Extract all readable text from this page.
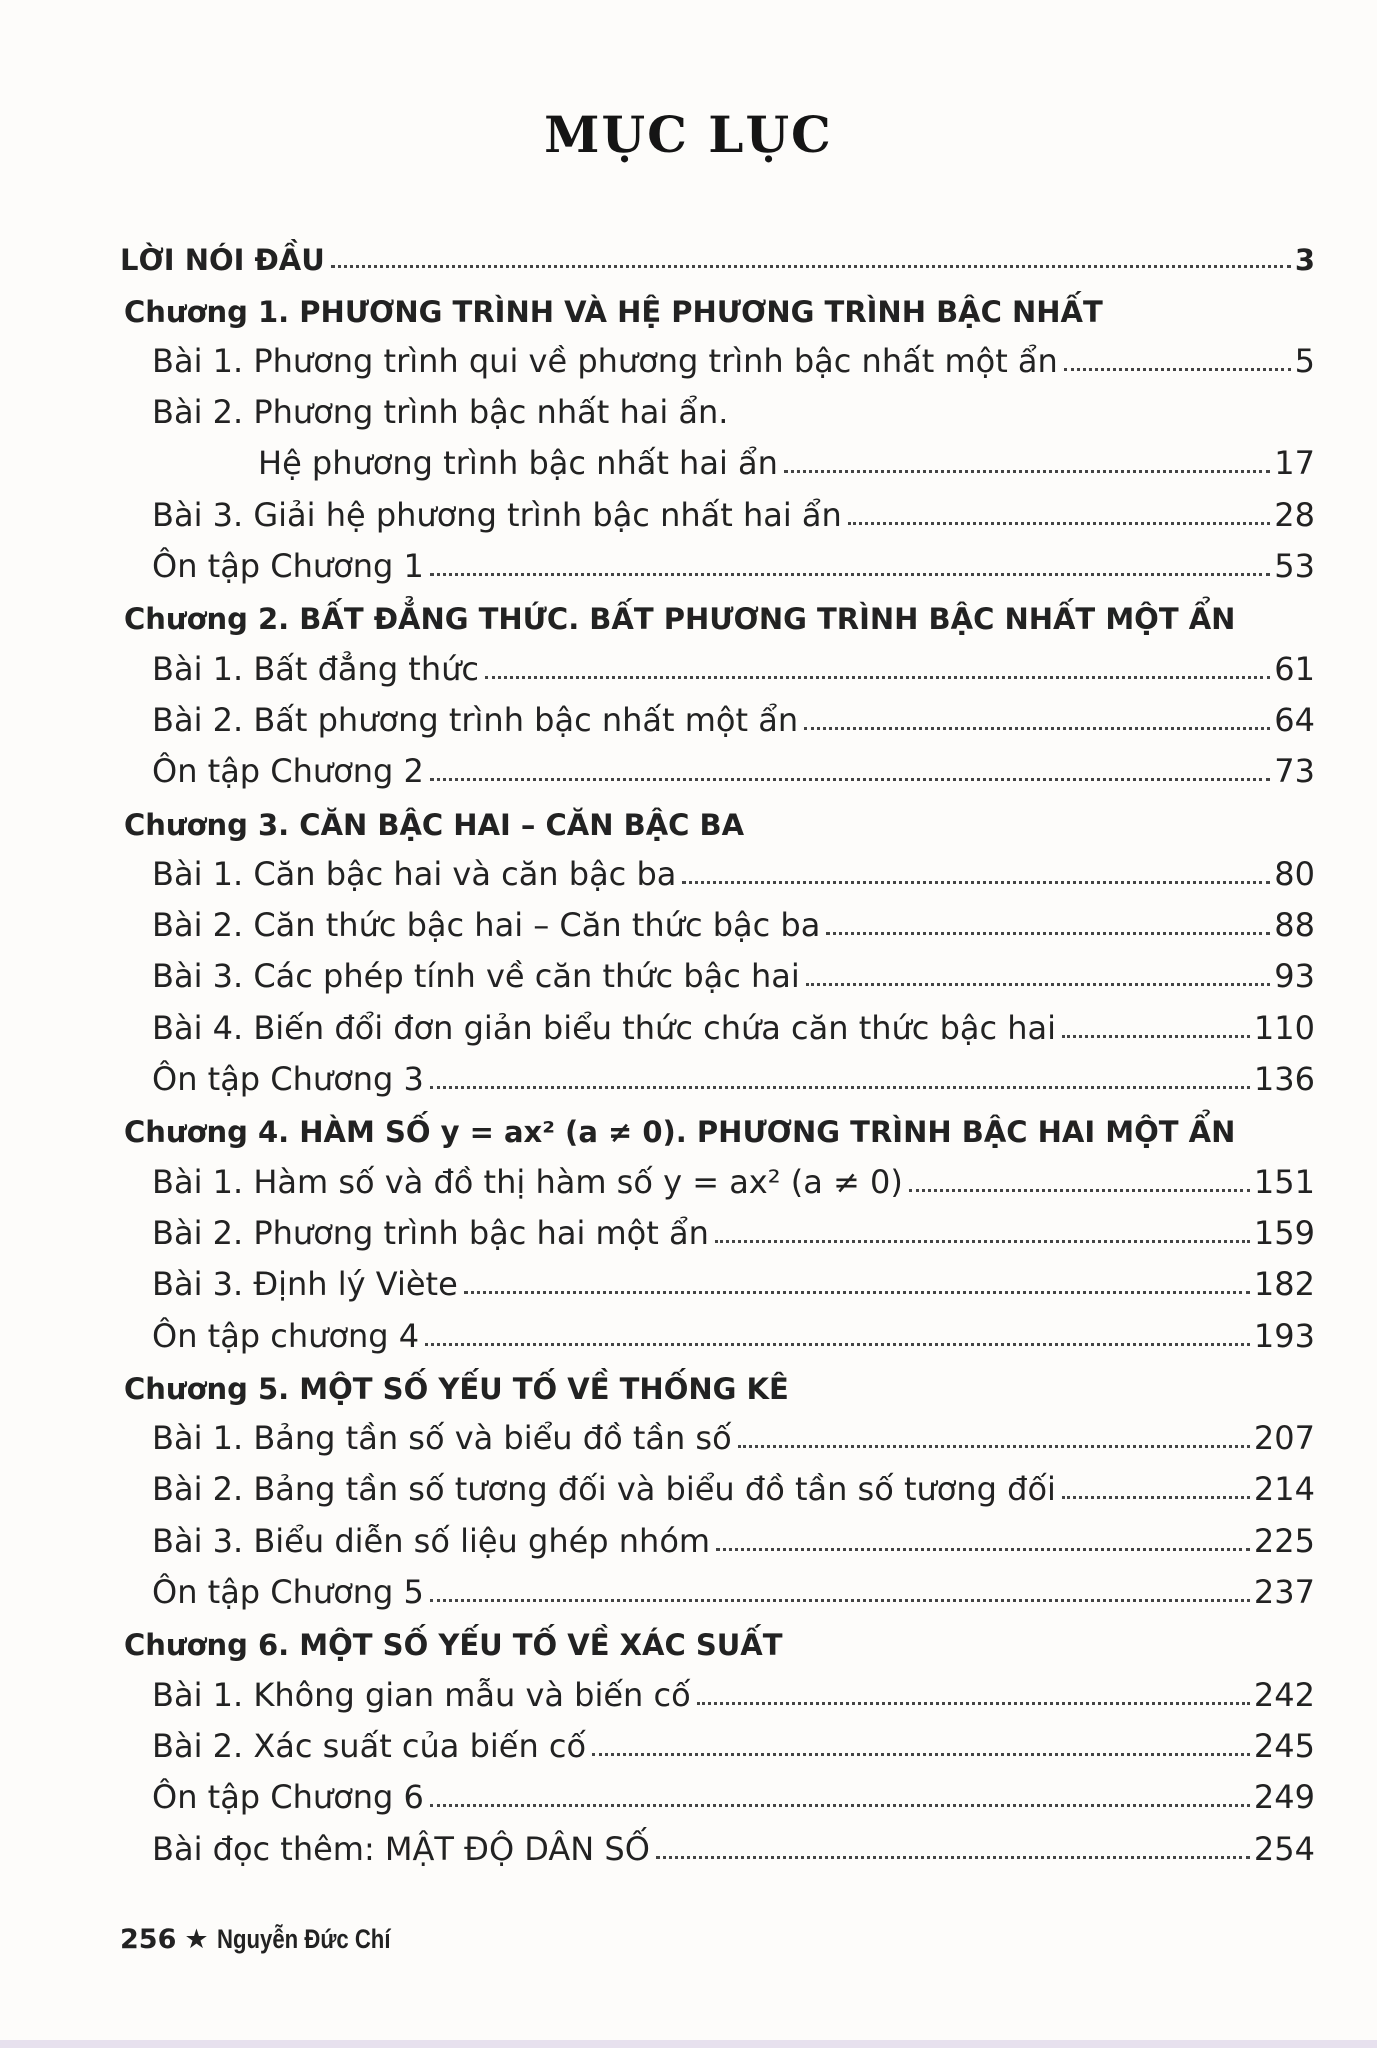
MỤC LỤC
LỜI NÓI ĐẦU	3
Chương 1. PHƯƠNG TRÌNH VÀ HỆ PHƯƠNG TRÌNH BẬC NHẤT
Bài 1. Phương trình qui về phương trình bậc nhất một ẩn	5
Bài 2. Phương trình bậc nhất hai ẩn.
Hệ phương trình bậc nhất hai ẩn	17
Bài 3. Giải hệ phương trình bậc nhất hai ẩn	28
Ôn tập Chương 1	53
Chương 2. BẤT ĐẲNG THỨC. BẤT PHƯƠNG TRÌNH BẬC NHẤT MỘT ẨN
Bài 1. Bất đẳng thức	61
Bài 2. Bất phương trình bậc nhất một ẩn	64
Ôn tập Chương 2	73
Chương 3. CĂN BẬC HAI – CĂN BẬC BA
Bài 1. Căn bậc hai và căn bậc ba	80
Bài 2. Căn thức bậc hai – Căn thức bậc ba	88
Bài 3. Các phép tính về căn thức bậc hai	93
Bài 4. Biến đổi đơn giản biểu thức chứa căn thức bậc hai	110
Ôn tập Chương 3	136
Chương 4. HÀM SỐ y = ax² (a ≠ 0). PHƯƠNG TRÌNH BẬC HAI MỘT ẨN
Bài 1. Hàm số và đồ thị hàm số y = ax² (a ≠ 0)	151
Bài 2. Phương trình bậc hai một ẩn	159
Bài 3. Định lý Viète	182
Ôn tập chương 4	193
Chương 5. MỘT SỐ YẾU TỐ VỀ THỐNG KÊ
Bài 1. Bảng tần số và biểu đồ tần số	207
Bài 2. Bảng tần số tương đối và biểu đồ tần số tương đối	214
Bài 3. Biểu diễn số liệu ghép nhóm	225
Ôn tập Chương 5	237
Chương 6. MỘT SỐ YẾU TỐ VỀ XÁC SUẤT
Bài 1. Không gian mẫu và biến cố	242
Bài 2. Xác suất của biến cố	245
Ôn tập Chương 6	249
Bài đọc thêm: MẬT ĐỘ DÂN SỐ	254
256 ★ Nguyễn Đức Chí
